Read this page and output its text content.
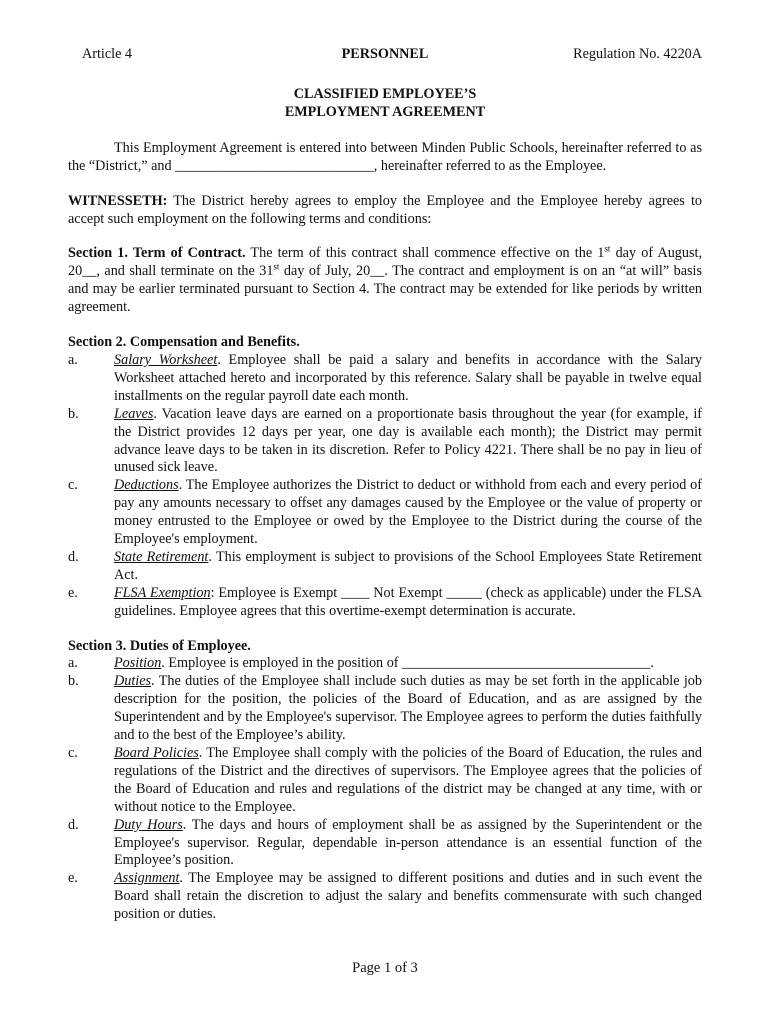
Article 4	PERSONNEL	Regulation No. 4220A
CLASSIFIED EMPLOYEE’S
EMPLOYMENT AGREEMENT

This Employment Agreement is entered into between Minden Public Schools, hereinafter referred to as the “District,” and ____________________________, hereinafter referred to as the Employee.

WITNESSETH: The District hereby agrees to employ the Employee and the Employee hereby agrees to accept such employment on the following terms and conditions:

Section 1. Term of Contract. The term of this contract shall commence effective on the 1st day of August, 20__, and shall terminate on the 31st day of July, 20__. The contract and employment is on an “at will” basis and may be earlier terminated pursuant to Section 4. The contract may be extended for like periods by written agreement.

Section 2. Compensation and Benefits.

a.	Salary Worksheet. Employee shall be paid a salary and benefits in accordance with the Salary Worksheet attached hereto and incorporated by this reference. Salary shall be payable in twelve equal installments on the regular payroll date each month.
b. Leaves. Vacation leave days are earned on a proportionate basis throughout the year (for example, if the District provides 12 days per year, one day is available each month); the District may permit advance leave days to be taken in its discretion. Refer to Policy 4221. There shall be no pay in lieu of unused sick leave.
c.	Deductions. The Employee authorizes the District to deduct or withhold from each and every period of pay any amounts necessary to offset any damages caused by the Employee or the value of property or money entrusted to the Employee or owed by the Employee to the District during the course of the Employee's employment.
d. State Retirement. This employment is subject to provisions of the School Employees State Retirement Act.
e.	FLSA Exemption: Employee is Exempt ____ Not Exempt _____ (check as applicable) under the FLSA guidelines. Employee agrees that this overtime-exempt determination is accurate.

Section 3. Duties of Employee.

a.	Position. Employee is employed in the position of ___________________________________.
b. Duties. The duties of the Employee shall include such duties as may be set forth in the applicable job description for the position, the policies of the Board of Education, and as are assigned by the Superintendent and by the Employee's supervisor. The Employee agrees to perform the duties faithfully and to the best of the Employee’s ability.
c.	Board Policies. The Employee shall comply with the policies of the Board of Education, the rules and regulations of the District and the directives of supervisors. The Employee agrees that the policies of the Board of Education and rules and regulations of the district may be changed at any time, with or without notice to the Employee.
d. Duty Hours. The days and hours of employment shall be as assigned by the Superintendent or the Employee's supervisor. Regular, dependable in-person attendance is an essential function of the Employee’s position.
e.	Assignment. The Employee may be assigned to different positions and duties and in such event the Board shall retain the discretion to adjust the salary and benefits commensurate with such changed position or duties.
Page 1 of 3
